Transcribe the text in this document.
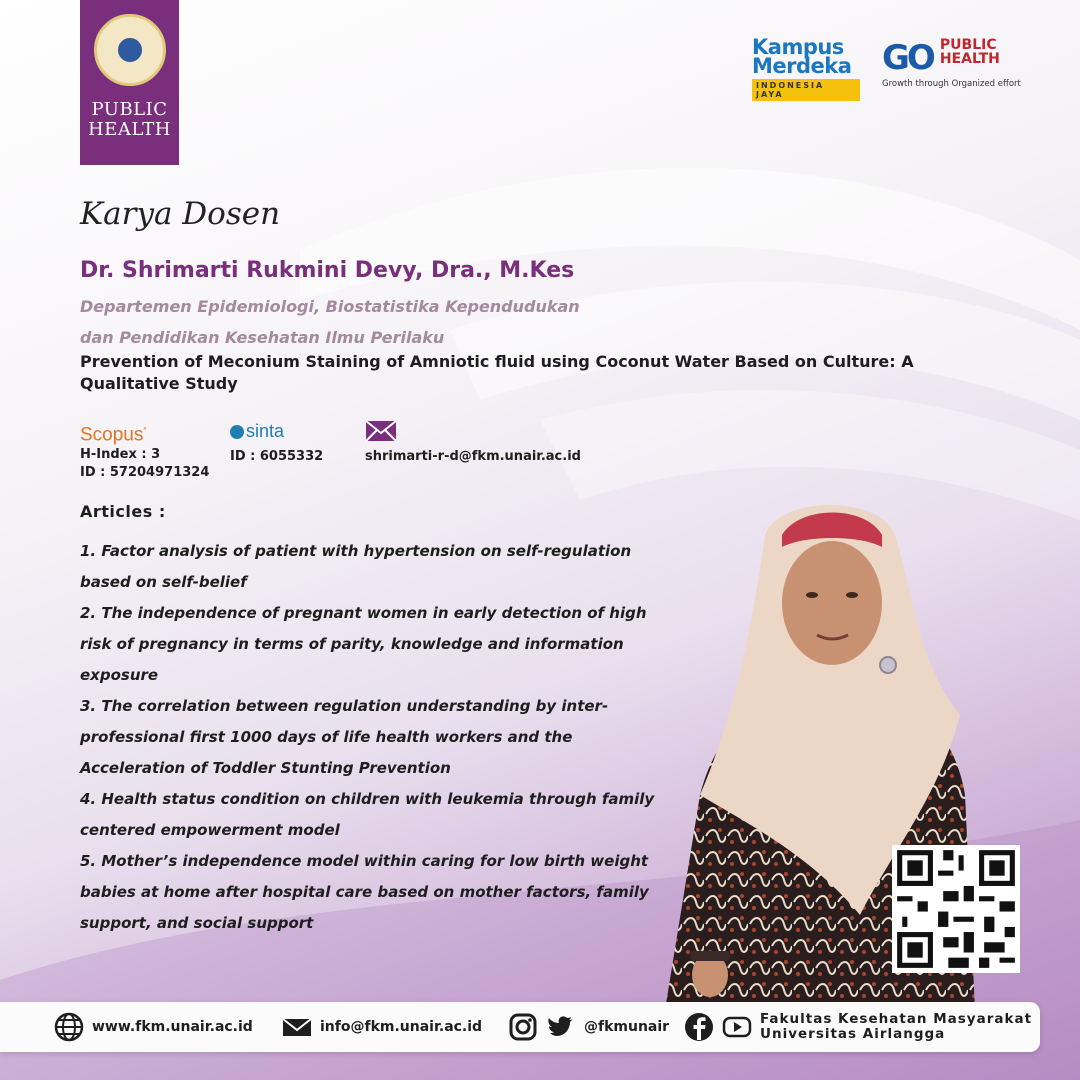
PUBLIC
HEALTH
Kampus
Merdeka
INDONESIA JAYA
GO PUBLIC
HEALTH
Growth through Organized effort
Karya Dosen
Dr. Shrimarti Rukmini Devy, Dra., M.Kes
Departemen Epidemiologi, Biostatistika Kependudukan
dan Pendidikan Kesehatan Ilmu Perilaku
Prevention of Meconium Staining of Amniotic fluid using Coconut Water Based on Culture: A Qualitative Study
Scopus°
H-Index : 3
ID : 57204971324
sinta
ID : 6055332	shrimarti-r-d@fkm.unair.ac.id
Articles :
1. Factor analysis of patient with hypertension on self-regulation based on self-belief
2. The independence of pregnant women in early detection of high risk of pregnancy in terms of parity, knowledge and information exposure
3. The correlation between regulation understanding by inter-professional first 1000 days of life health workers and the Acceleration of Toddler Stunting Prevention
4. Health status condition on children with leukemia through family centered empowerment model
5. Mother’s independence model within caring for low birth weight babies at home after hospital care based on mother factors, family support, and social support
www.fkm.unair.ac.id	info@fkm.unair.ac.id	@fkmunair	Fakultas Kesehatan Masyarakat
Universitas Airlangga
